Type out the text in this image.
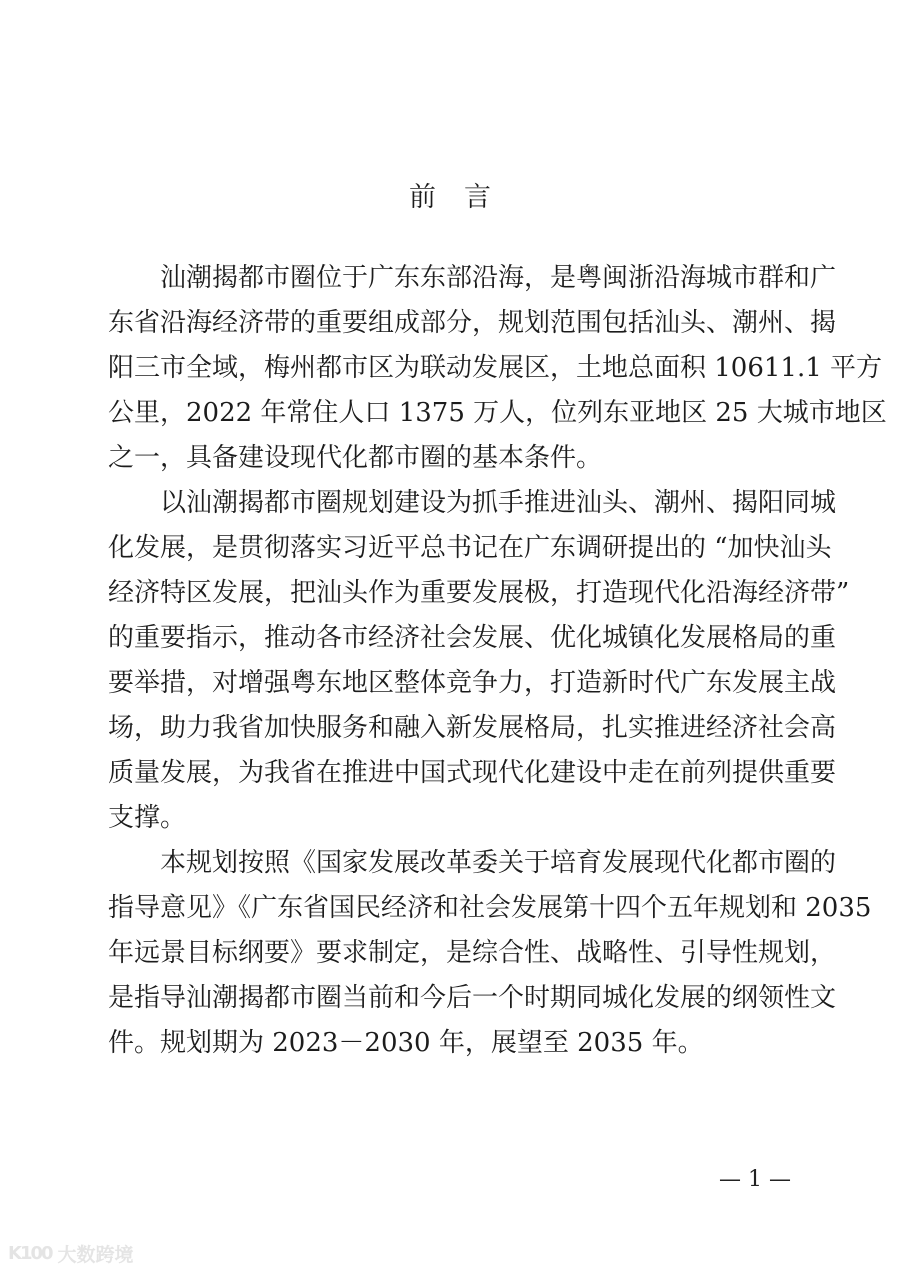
前言
汕潮揭都市圈位于广东东部沿海，是粤闽浙沿海城市群和广
东省沿海经济带的重要组成部分，规划范围包括汕头、潮州、揭
阳三市全域，梅州都市区为联动发展区，土地总面积 10611.1 平方
公里，2022 年常住人口 1375 万人，位列东亚地区 25 大城市地区
之一，具备建设现代化都市圈的基本条件。
以汕潮揭都市圈规划建设为抓手推进汕头、潮州、揭阳同城
化发展，是贯彻落实习近平总书记在广东调研提出的 “加快汕头
经济特区发展，把汕头作为重要发展极，打造现代化沿海经济带”
的重要指示，推动各市经济社会发展、优化城镇化发展格局的重
要举措，对增强粤东地区整体竞争力，打造新时代广东发展主战
场，助力我省加快服务和融入新发展格局，扎实推进经济社会高
质量发展，为我省在推进中国式现代化建设中走在前列提供重要
支撑。
本规划按照《国家发展改革委关于培育发展现代化都市圈的
指导意见》《广东省国民经济和社会发展第十四个五年规划和 2035
年远景目标纲要》要求制定，是综合性、战略性、引导性规划，
是指导汕潮揭都市圈当前和今后一个时期同城化发展的纲领性文
件。规划期为 2023－2030 年，展望至 2035 年。
— 1 —
K100 大数跨境
